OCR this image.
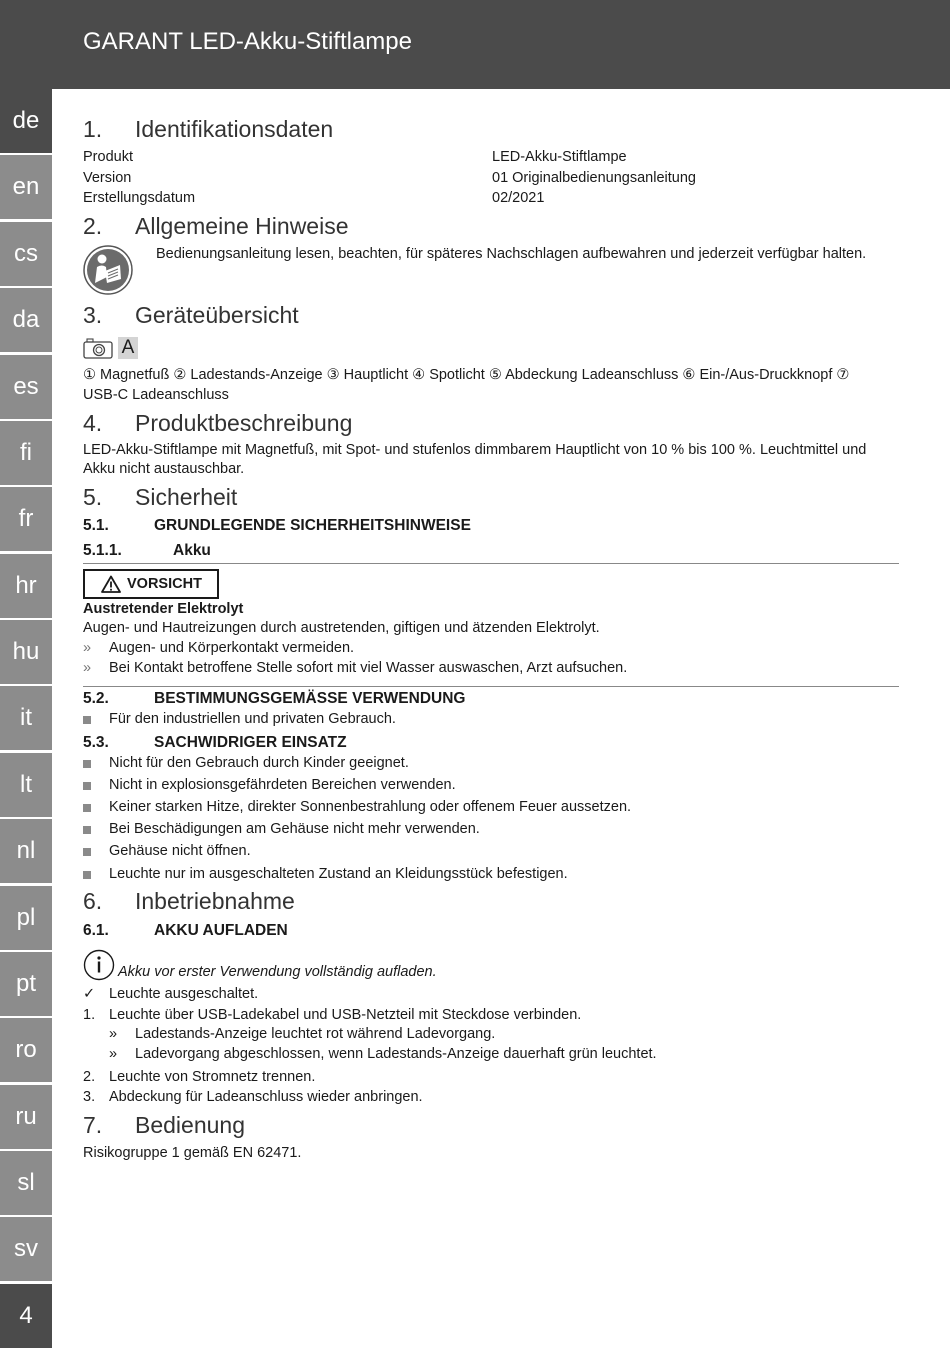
GARANT LED-Akku-Stiftlampe
de
en
cs
da
es
fi
fr
hr
hu
it
lt
nl
pl
pt
ro
ru
sl
sv
4
1. Identifikationsdaten
Produkt	LED-Akku-Stiftlampe
Version	01 Originalbedienungsanleitung
Erstellungsdatum	02/2021
2. Allgemeine Hinweise
Bedienungsanleitung lesen, beachten, für späteres Nachschlagen aufbewahren und jederzeit verfügbar halten.
3. Geräteübersicht
A
① Magnetfuß ② Ladestands-Anzeige ③ Hauptlicht ④ Spotlicht ⑤ Abdeckung Ladeanschluss ⑥ Ein-/Aus-Druckknopf ⑦
USB-C Ladeanschluss
4. Produktbeschreibung
LED-Akku-Stiftlampe mit Magnetfuß, mit Spot- und stufenlos dimmbarem Hauptlicht von 10 % bis 100 %. Leuchtmittel und
Akku nicht austauschbar.
5. Sicherheit
5.1.	GRUNDLEGENDE SICHERHEITSHINWEISE
5.1.1.	Akku
VORSICHT
Austretender Elektrolyt
Augen- und Hautreizungen durch austretenden, giftigen und ätzenden Elektrolyt.
»	Augen- und Körperkontakt vermeiden.
»	Bei Kontakt betroffene Stelle sofort mit viel Wasser auswaschen, Arzt aufsuchen.
5.2.	BESTIMMUNGSGEMÄSSE VERWENDUNG
Für den industriellen und privaten Gebrauch.
5.3.	SACHWIDRIGER EINSATZ
Nicht für den Gebrauch durch Kinder geeignet.
Nicht in explosionsgefährdeten Bereichen verwenden.
Keiner starken Hitze, direkter Sonnenbestrahlung oder offenem Feuer aussetzen.
Bei Beschädigungen am Gehäuse nicht mehr verwenden.
Gehäuse nicht öffnen.
Leuchte nur im ausgeschalteten Zustand an Kleidungsstück befestigen.
6. Inbetriebnahme
6.1.	AKKU AUFLADEN
Akku vor erster Verwendung vollständig aufladen.
✓ Leuchte ausgeschaltet.
1. Leuchte über USB-Ladekabel und USB-Netzteil mit Steckdose verbinden.
»	Ladestands-Anzeige leuchtet rot während Ladevorgang.
»	Ladevorgang abgeschlossen, wenn Ladestands-Anzeige dauerhaft grün leuchtet.
2. Leuchte von Stromnetz trennen.
3. Abdeckung für Ladeanschluss wieder anbringen.
7. Bedienung
Risikogruppe 1 gemäß EN 62471.
